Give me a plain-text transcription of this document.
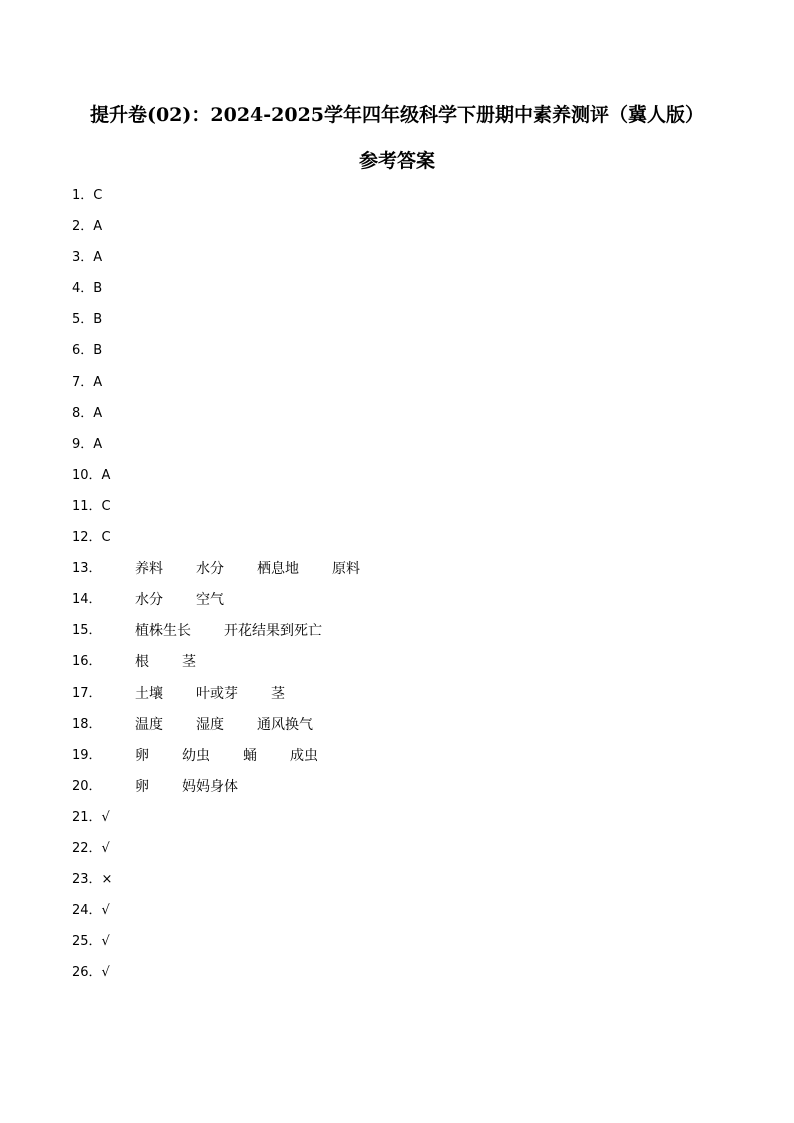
提升卷(02)：2024-2025学年四年级科学下册期中素养测评（冀人版）
参考答案
1．C
2．A
3．A
4．B
5．B
6．B
7．A
8．A
9．A
10．A
11．C
12．C
13．	养料 水分 栖息地 原料
14．	水分 空气
15．	植株生长 开花结果到死亡
16．	根 茎
17．	土壤 叶或芽 茎
18．	温度 湿度 通风换气
19．	卵 幼虫 蛹 成虫
20．	卵 妈妈身体
21．√
22．√
23．×
24．√
25．√
26．√
